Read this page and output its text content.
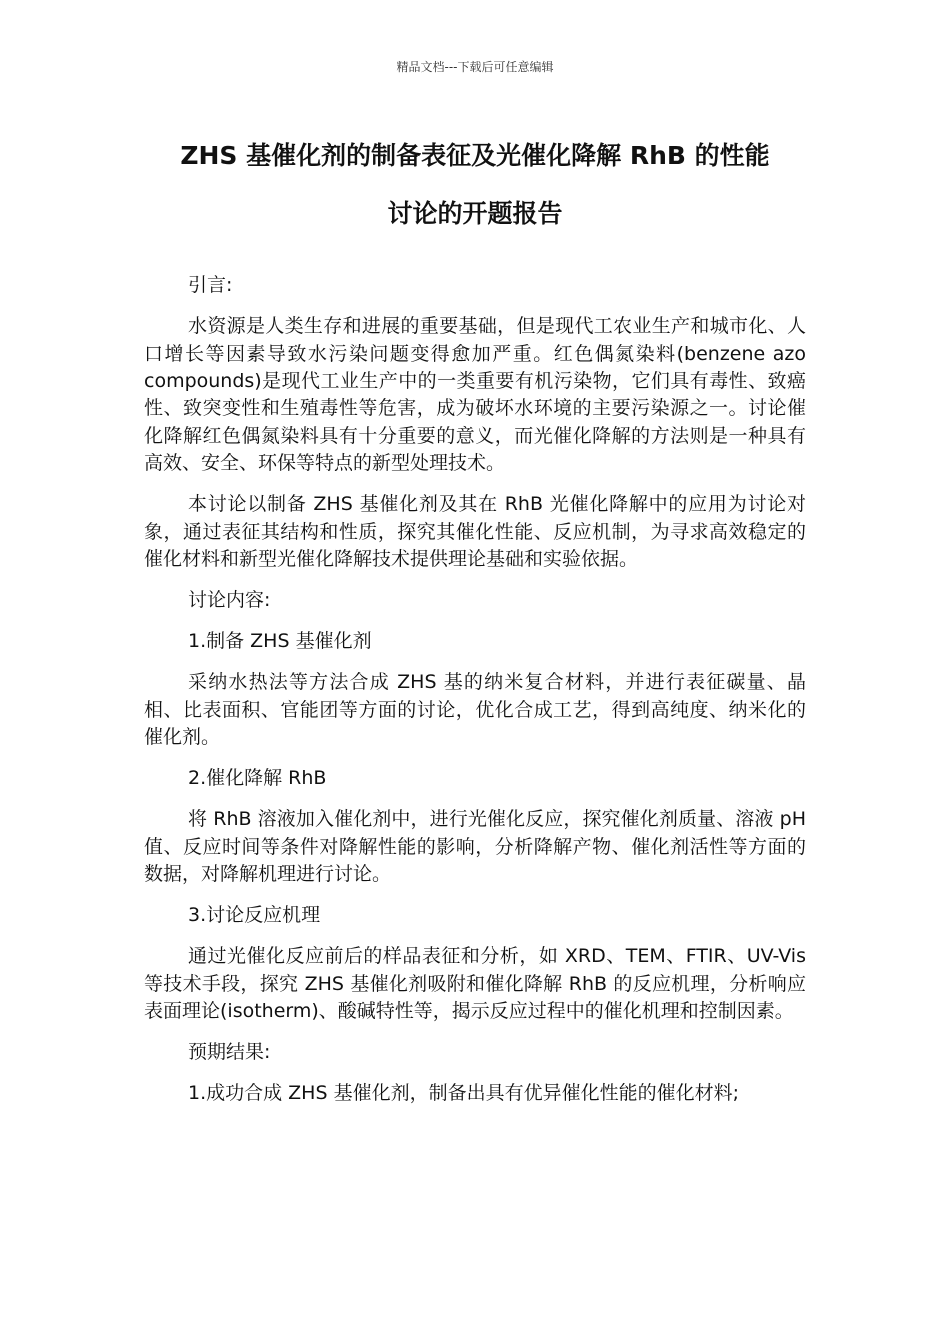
精品文档---下载后可任意编辑
ZHS 基催化剂的制备表征及光催化降解 RhB 的性能
讨论的开题报告

引言:

水资源是人类生存和进展的重要基础，但是现代工农业生产和城市化、人口增长等因素导致水污染问题变得愈加严重。红色偶氮染料(benzene azo compounds)是现代工业生产中的一类重要有机污染物，它们具有毒性、致癌性、致突变性和生殖毒性等危害，成为破坏水环境的主要污染源之一。讨论催化降解红色偶氮染料具有十分重要的意义，而光催化降解的方法则是一种具有高效、安全、环保等特点的新型处理技术。

本讨论以制备 ZHS 基催化剂及其在 RhB 光催化降解中的应用为讨论对象，通过表征其结构和性质，探究其催化性能、反应机制，为寻求高效稳定的催化材料和新型光催化降解技术提供理论基础和实验依据。

讨论内容:

1.制备 ZHS 基催化剂

采纳水热法等方法合成 ZHS 基的纳米复合材料，并进行表征碳量、晶相、比表面积、官能团等方面的讨论，优化合成工艺，得到高纯度、纳米化的催化剂。

2.催化降解 RhB

将 RhB 溶液加入催化剂中，进行光催化反应，探究催化剂质量、溶液 pH 值、反应时间等条件对降解性能的影响，分析降解产物、催化剂活性等方面的数据，对降解机理进行讨论。

3.讨论反应机理

通过光催化反应前后的样品表征和分析，如 XRD、TEM、FTIR、UV-Vis 等技术手段，探究 ZHS 基催化剂吸附和催化降解 RhB 的反应机理，分析响应表面理论(isotherm)、酸碱特性等，揭示反应过程中的催化机理和控制因素。

预期结果:

1.成功合成 ZHS 基催化剂，制备出具有优异催化性能的催化材料;
